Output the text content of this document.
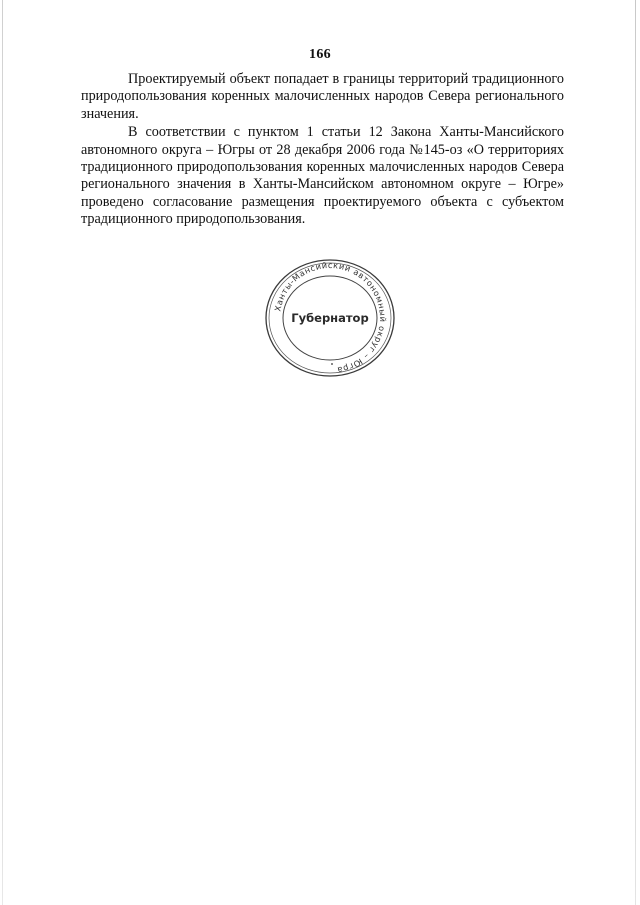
166

Проектируемый объект попадает в границы территорий традиционного природопользования коренных малочисленных народов Севера регионального значения.

В соответствии с пунктом 1 статьи 12 Закона Ханты-Мансийского автономного округа – Югры от 28 декабря 2006 года №145-оз «О территориях традиционного природопользования коренных малочисленных народов Севера регионального значения в Ханты-Мансийском автономном округе – Югре» проведено согласование размещения проектируемого объекта с субъектом традиционного природопользования.

Ханты-Мансийский автономный округ – Югра
Губернатор
